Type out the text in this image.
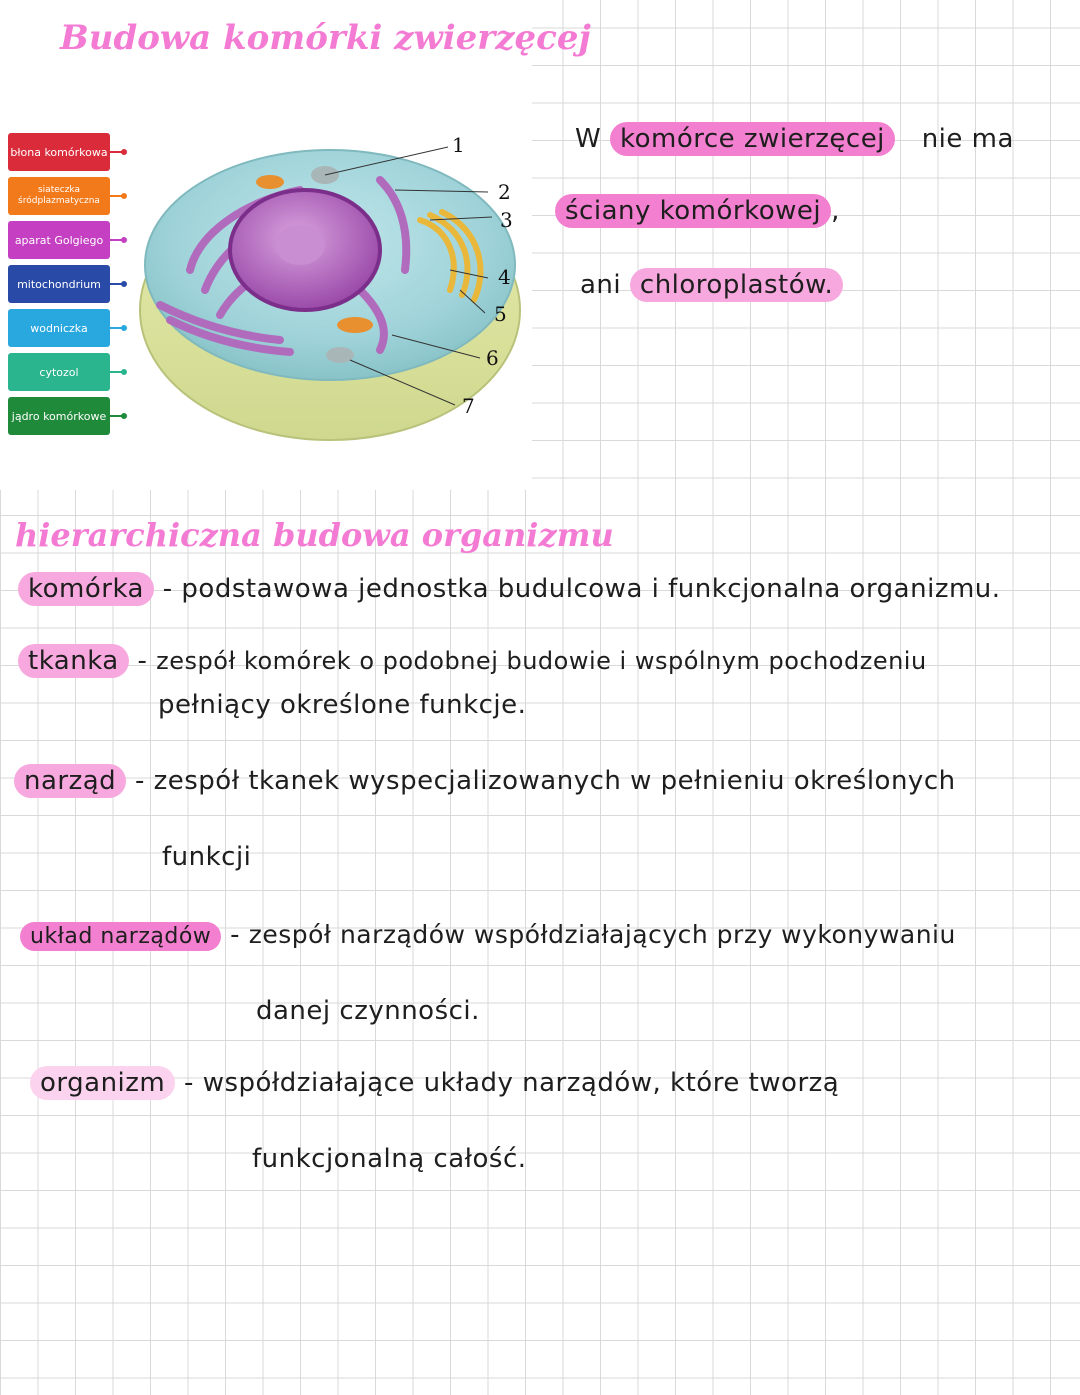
Budowa komórki zwierzęcej
błona komórkowa
siateczka śródplazmatyczna
aparat Golgiego
mitochondrium
wodniczka
cytozol
jądro komórkowe
1
2
3
4
5
6
7
W komórce zwierzęcej nie ma
ściany komórkowej ,
ani chloroplastów.
hierarchiczna budowa organizmu
komórka - podstawowa jednostka budulcowa i funkcjonalna organizmu.
tkanka - zespół komórek o podobnej budowie i wspólnym pochodzeniu
pełniący określone funkcje.
narząd - zespół tkanek wyspecjalizowanych w pełnieniu określonych
funkcji
układ narządów - zespół narządów współdziałających przy wykonywaniu
danej czynności.
organizm - współdziałające układy narządów, które tworzą
funkcjonalną całość.
